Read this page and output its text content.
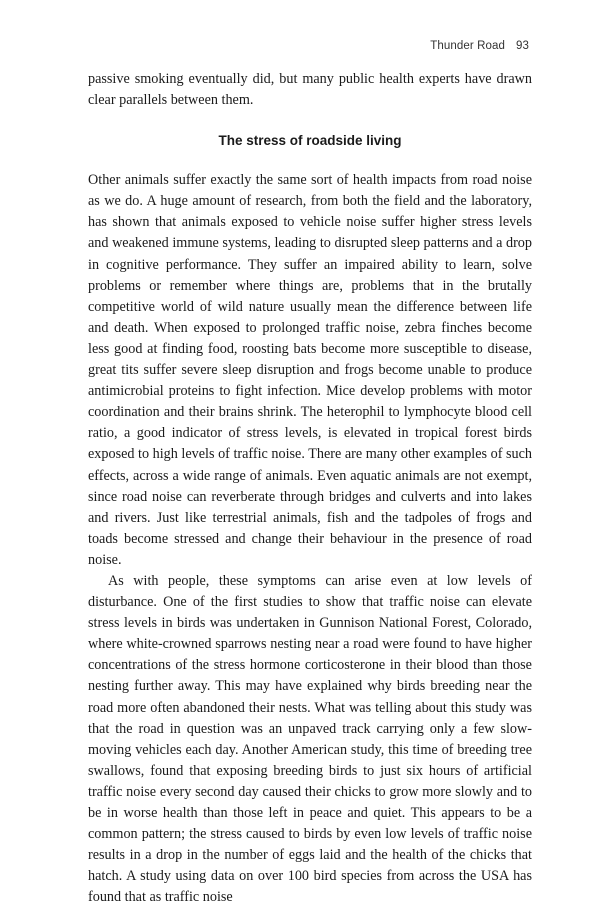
Thunder Road 93

passive smoking eventually did, but many public health experts have drawn clear parallels between them.

The stress of roadside living

Other animals suffer exactly the same sort of health impacts from road noise as we do. A huge amount of research, from both the field and the laboratory, has shown that animals exposed to vehicle noise suffer higher stress levels and weakened immune systems, leading to disrupted sleep patterns and a drop in cognitive performance. They suffer an impaired ability to learn, solve problems or remember where things are, problems that in the brutally competitive world of wild nature usually mean the difference between life and death. When exposed to prolonged traffic noise, zebra finches become less good at finding food, roosting bats become more susceptible to disease, great tits suffer severe sleep disruption and frogs become unable to produce antimicrobial proteins to fight infection. Mice develop problems with motor coordination and their brains shrink. The heterophil to lymphocyte blood cell ratio, a good indicator of stress levels, is elevated in tropical forest birds exposed to high levels of traffic noise. There are many other examples of such effects, across a wide range of animals. Even aquatic animals are not exempt, since road noise can reverberate through bridges and culverts and into lakes and rivers. Just like terrestrial animals, fish and the tadpoles of frogs and toads become stressed and change their behaviour in the presence of road noise.

As with people, these symptoms can arise even at low levels of disturbance. One of the first studies to show that traffic noise can elevate stress levels in birds was undertaken in Gunnison National Forest, Colorado, where white-crowned sparrows nesting near a road were found to have higher concentrations of the stress hormone corticosterone in their blood than those nesting further away. This may have explained why birds breeding near the road more often abandoned their nests. What was telling about this study was that the road in question was an unpaved track carrying only a few slow-moving vehicles each day. Another American study, this time of breeding tree swallows, found that exposing breeding birds to just six hours of artificial traffic noise every second day caused their chicks to grow more slowly and to be in worse health than those left in peace and quiet. This appears to be a common pattern; the stress caused to birds by even low levels of traffic noise results in a drop in the number of eggs laid and the health of the chicks that hatch. A study using data on over 100 bird species from across the USA has found that as traffic noise
